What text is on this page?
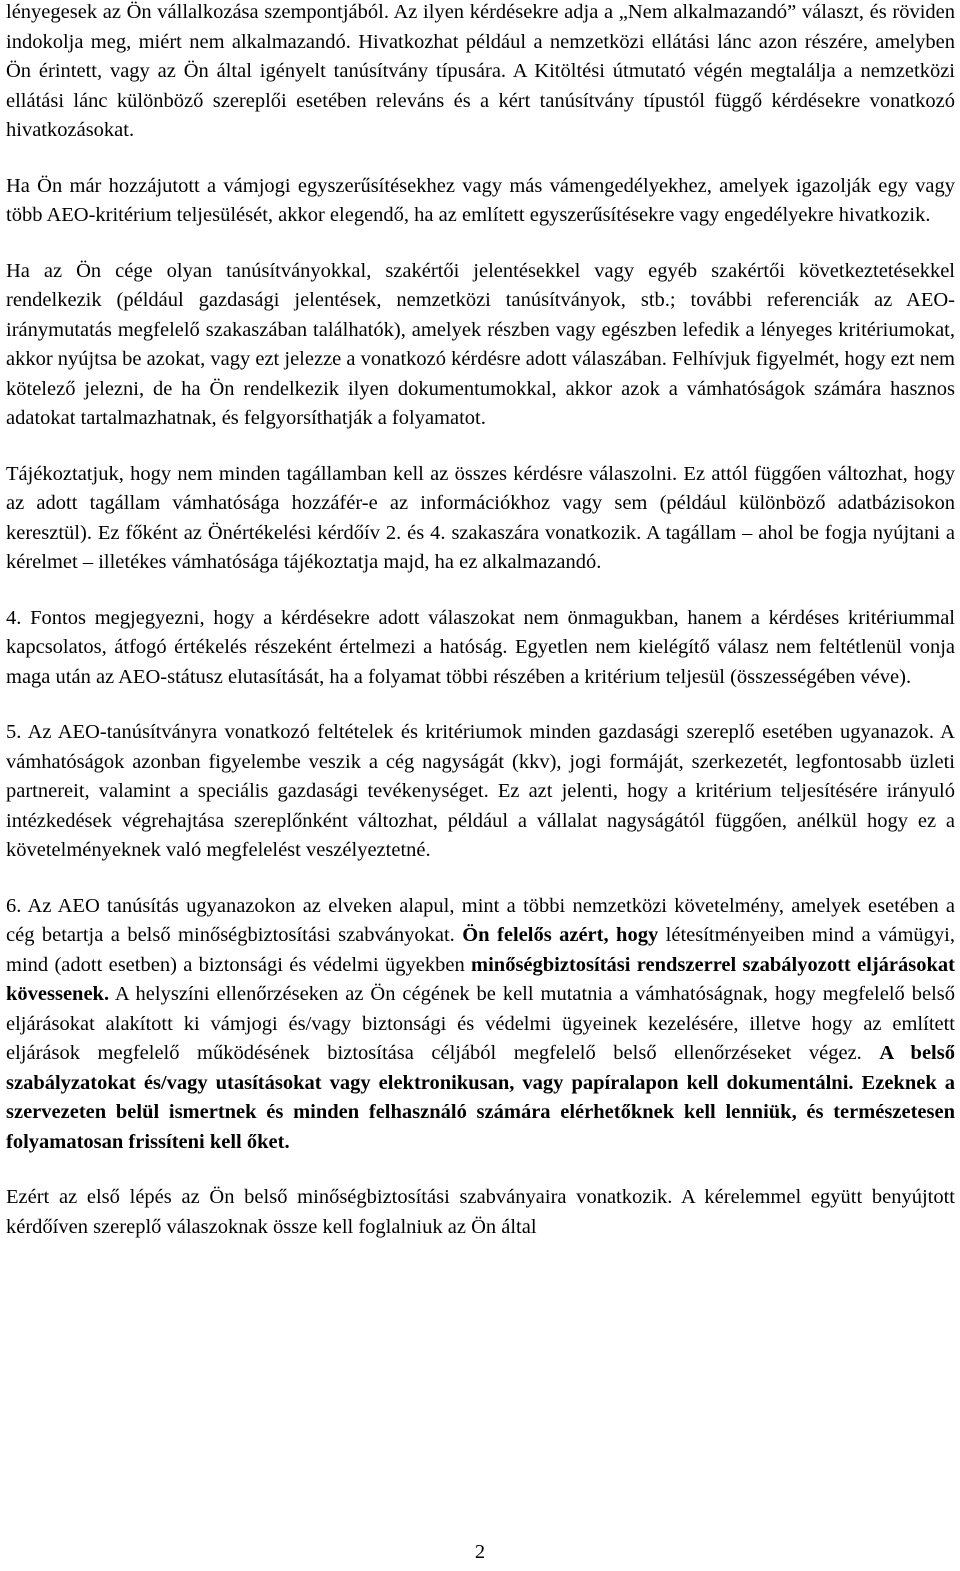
lényegesek az Ön vállalkozása szempontjából. Az ilyen kérdésekre adja a „Nem alkalmazandó” választ, és röviden indokolja meg, miért nem alkalmazandó. Hivatkozhat például a nemzetközi ellátási lánc azon részére, amelyben Ön érintett, vagy az Ön által igényelt tanúsítvány típusára. A Kitöltési útmutató végén megtalálja a nemzetközi ellátási lánc különböző szereplői esetében releváns és a kért tanúsítvány típustól függő kérdésekre vonatkozó hivatkozásokat.

Ha Ön már hozzájutott a vámjogi egyszerűsítésekhez vagy más vámengedélyekhez, amelyek igazolják egy vagy több AEO-kritérium teljesülését, akkor elegendő, ha az említett egyszerűsítésekre vagy engedélyekre hivatkozik.

Ha az Ön cége olyan tanúsítványokkal, szakértői jelentésekkel vagy egyéb szakértői következtetésekkel rendelkezik (például gazdasági jelentések, nemzetközi tanúsítványok, stb.; további referenciák az AEO-iránymutatás megfelelő szakaszában találhatók), amelyek részben vagy egészben lefedik a lényeges kritériumokat, akkor nyújtsa be azokat, vagy ezt jelezze a vonatkozó kérdésre adott válaszában. Felhívjuk figyelmét, hogy ezt nem kötelező jelezni, de ha Ön rendelkezik ilyen dokumentumokkal, akkor azok a vámhatóságok számára hasznos adatokat tartalmazhatnak, és felgyorsíthatják a folyamatot.

Tájékoztatjuk, hogy nem minden tagállamban kell az összes kérdésre válaszolni. Ez attól függően változhat, hogy az adott tagállam vámhatósága hozzáfér-e az információkhoz vagy sem (például különböző adatbázisokon keresztül). Ez főként az Önértékelési kérdőív 2. és 4. szakaszára vonatkozik. A tagállam – ahol be fogja nyújtani a kérelmet – illetékes vámhatósága tájékoztatja majd, ha ez alkalmazandó.

4. Fontos megjegyezni, hogy a kérdésekre adott válaszokat nem önmagukban, hanem a kérdéses kritériummal kapcsolatos, átfogó értékelés részeként értelmezi a hatóság. Egyetlen nem kielégítő válasz nem feltétlenül vonja maga után az AEO-státusz elutasítását, ha a folyamat többi részében a kritérium teljesül (összességében véve).

5. Az AEO-tanúsítványra vonatkozó feltételek és kritériumok minden gazdasági szereplő esetében ugyanazok. A vámhatóságok azonban figyelembe veszik a cég nagyságát (kkv), jogi formáját, szerkezetét, legfontosabb üzleti partnereit, valamint a speciális gazdasági tevékenységet. Ez azt jelenti, hogy a kritérium teljesítésére irányuló intézkedések végrehajtása szereplőnként változhat, például a vállalat nagyságától függően, anélkül hogy ez a követelményeknek való megfelelést veszélyeztetné.

6. Az AEO tanúsítás ugyanazokon az elveken alapul, mint a többi nemzetközi követelmény, amelyek esetében a cég betartja a belső minőségbiztosítási szabványokat. Ön felelős azért, hogy létesítményeiben mind a vámügyi, mind (adott esetben) a biztonsági és védelmi ügyekben minőségbiztosítási rendszerrel szabályozott eljárásokat kövessenek. A helyszíni ellenőrzéseken az Ön cégének be kell mutatnia a vámhatóságnak, hogy megfelelő belső eljárásokat alakított ki vámjogi és/vagy biztonsági és védelmi ügyeinek kezelésére, illetve hogy az említett eljárások megfelelő működésének biztosítása céljából megfelelő belső ellenőrzéseket végez. A belső szabályzatokat és/vagy utasításokat vagy elektronikusan, vagy papíralapon kell dokumentálni. Ezeknek a szervezeten belül ismertnek és minden felhasználó számára elérhetőknek kell lenniük, és természetesen folyamatosan frissíteni kell őket.

Ezért az első lépés az Ön belső minőségbiztosítási szabványaira vonatkozik. A kérelemmel együtt benyújtott kérdőíven szereplő válaszoknak össze kell foglalniuk az Ön által

2
